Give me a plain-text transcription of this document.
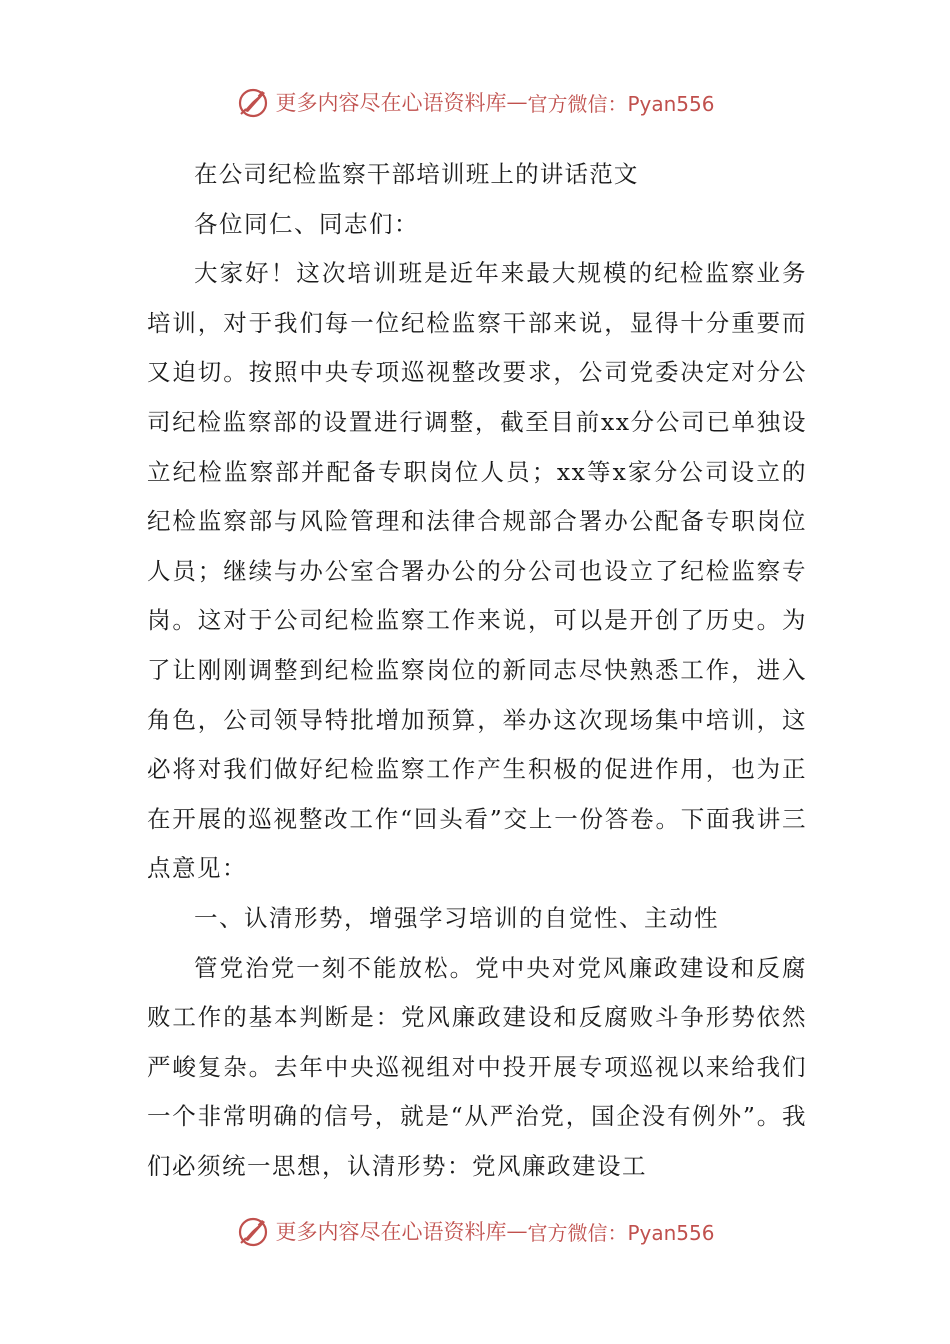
更多内容尽在心语资料库 — 官方微信：Pyan556

在公司纪检监察干部培训班上的讲话范文

各位同仁、同志们：

大家好！这次培训班是近年来最大规模的纪检监察业务培训，对于我们每一位纪检监察干部来说，显得十分重要而又迫切。按照中央专项巡视整改要求，公司党委决定对分公司纪检监察部的设置进行调整，截至目前xx分公司已单独设立纪检监察部并配备专职岗位人员；xx等x家分公司设立的纪检监察部与风险管理和法律合规部合署办公配备专职岗位人员；继续与办公室合署办公的分公司也设立了纪检监察专岗。这对于公司纪检监察工作来说，可以是开创了历史。为了让刚刚调整到纪检监察岗位的新同志尽快熟悉工作，进入角色，公司领导特批增加预算，举办这次现场集中培训，这必将对我们做好纪检监察工作产生积极的促进作用，也为正在开展的巡视整改工作“回头看”交上一份答卷。下面我讲三点意见：

一、认清形势，增强学习培训的自觉性、主动性

管党治党一刻不能放松。党中央对党风廉政建设和反腐败工作的基本判断是：党风廉政建设和反腐败斗争形势依然严峻复杂。去年中央巡视组对中投开展专项巡视以来给我们一个非常明确的信号，就是“从严治党，国企没有例外”。我们必须统一思想，认清形势：党风廉政建设工

更多内容尽在心语资料库 — 官方微信：Pyan556
